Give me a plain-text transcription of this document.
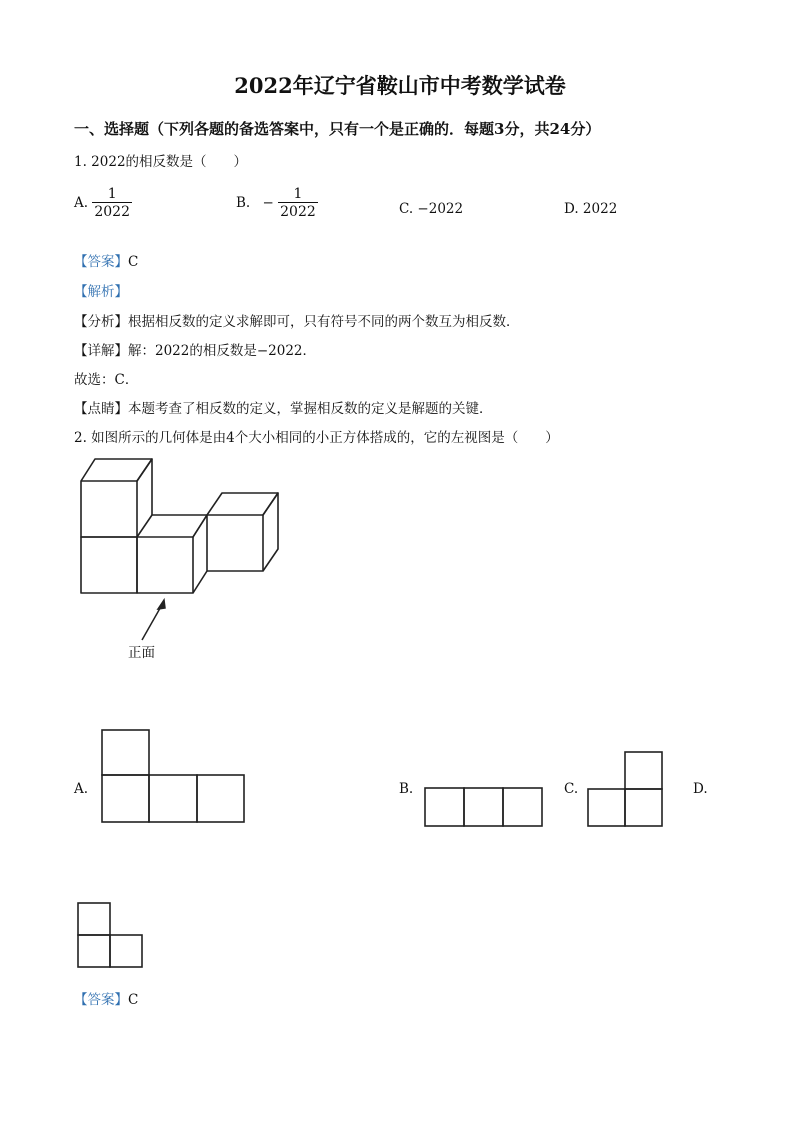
2022年辽宁省鞍山市中考数学试卷
一、选择题（下列各题的备选答案中，只有一个是正确的．每题3分，共24分）
1. 2022的相反数是（　　）
A. $\frac{1}{2022}$	B. − $\frac{1}{2022}$	C. −2022	D. 2022
【答案】C
【解析】
【分析】根据相反数的定义求解即可，只有符号不同的两个数互为相反数．
【详解】解：2022的相反数是−2022．
故选：C．
【点睛】本题考查了相反数的定义，掌握相反数的定义是解题的关键．
2. 如图所示的几何体是由4个大小相同的小正方体搭成的，它的左视图是（　　）
正面
A.	B.	C.	D.
【答案】C
